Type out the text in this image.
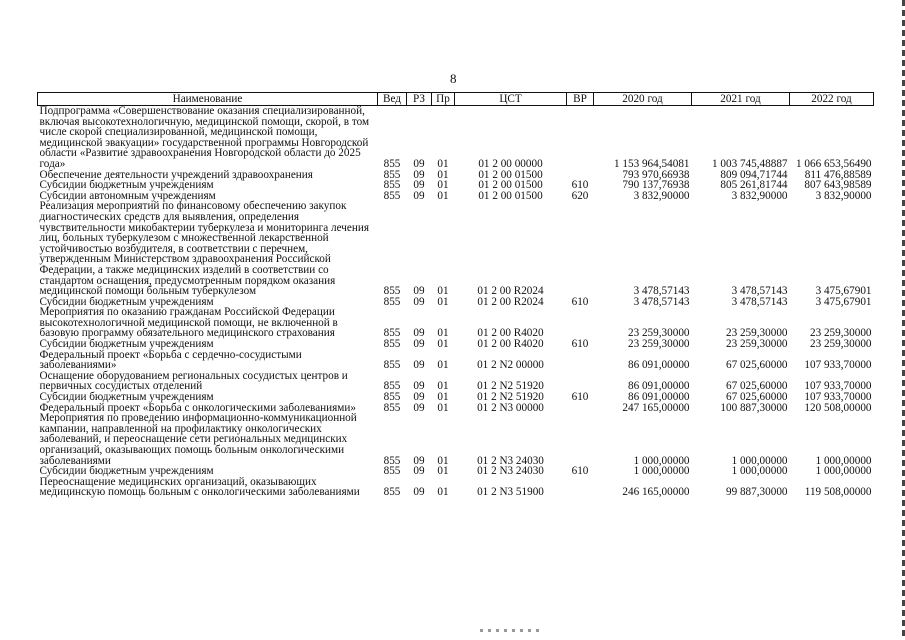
8
Наименование	Вед	РЗ	Пр	ЦСТ	ВР	2020 год	2021 год	2022 год
Подпрограмма «Совершенствование оказания специализированной, включая высокотехнологичную, медицинской помощи, скорой, в том числе скорой специализированной, медицинской помощи, медицинской эвакуации» государственной программы Новгородской области «Развитие здравоохранения Новгородской области до 2025 года»	855	09	01	01 2 00 00000		1 153 964,54081	1 003 745,48887	1 066 653,56490
Обеспечение деятельности учреждений здравоохранения	855	09	01	01 2 00 01500		793 970,66938	809 094,71744	811 476,88589
Субсидии бюджетным учреждениям	855	09	01	01 2 00 01500	610	790 137,76938	805 261,81744	807 643,98589
Субсидии автономным учреждениям	855	09	01	01 2 00 01500	620	3 832,90000	3 832,90000	3 832,90000
Реализация мероприятий по финансовому обеспечению закупок диагностических средств для выявления, определения чувствительности микобактерии туберкулеза и мониторинга лечения лиц, больных туберкулезом с множественной лекарственной устойчивостью возбудителя, в соответствии с перечнем, утвержденным Министерством здравоохранения Российской Федерации, а также медицинских изделий в соответствии со стандартом оснащения, предусмотренным порядком оказания медицинской помощи больным туберкулезом	855	09	01	01 2 00 R2024		3 478,57143	3 478,57143	3 475,67901
Субсидии бюджетным учреждениям	855	09	01	01 2 00 R2024	610	3 478,57143	3 478,57143	3 475,67901
Мероприятия по оказанию гражданам Российской Федерации высокотехнологичной медицинской помощи, не включенной в базовую программу обязательного медицинского страхования	855	09	01	01 2 00 R4020		23 259,30000	23 259,30000	23 259,30000
Субсидии бюджетным учреждениям	855	09	01	01 2 00 R4020	610	23 259,30000	23 259,30000	23 259,30000
Федеральный проект «Борьба с сердечно-сосудистыми заболеваниями»	855	09	01	01 2 N2 00000		86 091,00000	67 025,60000	107 933,70000
Оснащение оборудованием региональных сосудистых центров и первичных сосудистых отделений	855	09	01	01 2 N2 51920		86 091,00000	67 025,60000	107 933,70000
Субсидии бюджетным учреждениям	855	09	01	01 2 N2 51920	610	86 091,00000	67 025,60000	107 933,70000
Федеральный проект «Борьба с онкологическими заболеваниями»	855	09	01	01 2 N3 00000		247 165,00000	100 887,30000	120 508,00000
Мероприятия по проведению информационно-коммуникационной кампании, направленной на профилактику онкологических заболеваний, и переоснащение сети региональных медицинских организаций, оказывающих помощь больным онкологическими заболеваниями	855	09	01	01 2 N3 24030		1 000,00000	1 000,00000	1 000,00000
Субсидии бюджетным учреждениям	855	09	01	01 2 N3 24030	610	1 000,00000	1 000,00000	1 000,00000
Переоснащение медицинских организаций, оказывающих медицинскую помощь больным с онкологическими заболеваниями	855	09	01	01 2 N3 51900		246 165,00000	99 887,30000	119 508,00000
